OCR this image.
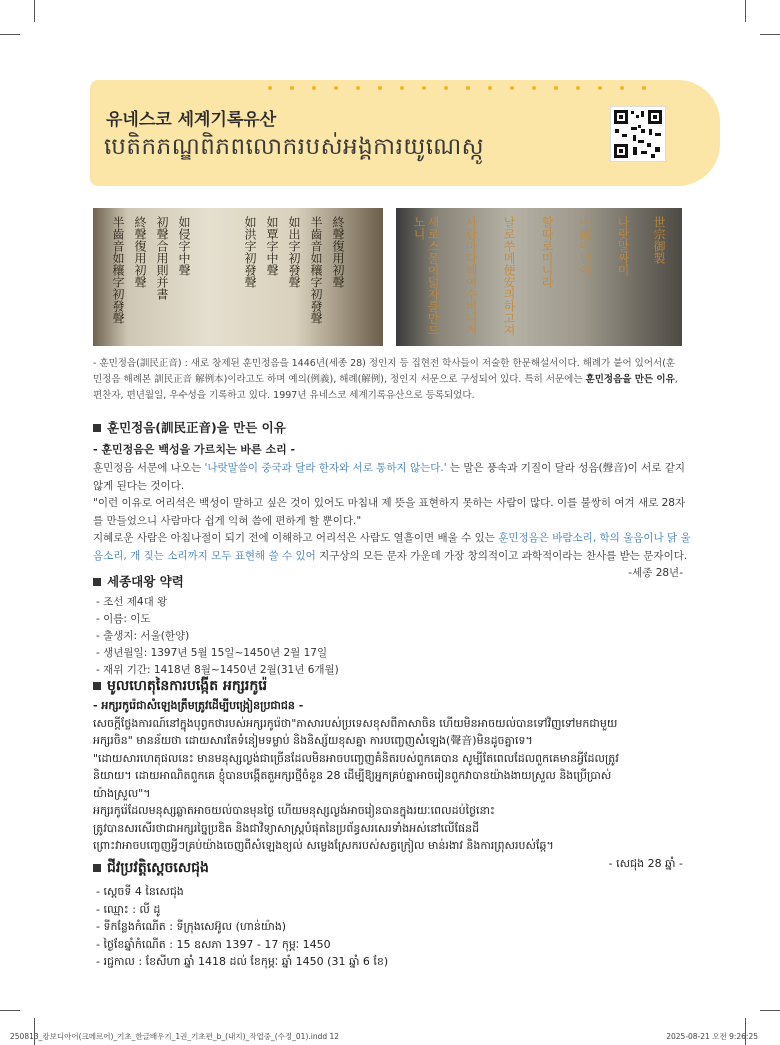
유네스코 세계기록유산
បេតិកភណ្ឌពិភពលោករបស់អង្គការយូណេស្កូ
半齒音如穰字初發聲 終聲復用初聲 初聲合用則并書 如侵字中聲	如洪字初發聲 如覃字中聲 如出字初發聲 半齒音如穰字初發聲 終聲復用初聲	새로스물여덟자를만드노니	사람마다해여수비니겨 날로쑤메便安킈하고져 할따로미니라 中國에달아 나랏말싸미 世宗御製
- 훈민정음(訓民正音) : 새로 창제된 훈민정음을 1446년(세종 28) 정인지 등 집현전 학사들이 저술한 한문해설서이다. 해례가 붙어 있어서(훈민정음 해례본 訓民正音 解例本)이라고도 하며 예의(例義), 해례(解例), 정인지 서문으로 구성되어 있다. 특히 서문에는 훈민정음을 만든 이유, 편찬자, 편년월일, 우수성을 기록하고 있다. 1997년 유네스코 세계기록유산으로 등록되었다.
훈민정음(訓民正音)을 만든 이유
- 훈민정음은 백성을 가르치는 바른 소리 -
훈민정음 서문에 나오는 '나랏말씀이 중국과 달라 한자와 서로 통하지 않는다.' 는 말은 풍속과 기질이 달라 성음(聲音)이 서로 같지 않게 된다는 것이다.
"이런 이유로 어리석은 백성이 말하고 싶은 것이 있어도 마침내 제 뜻을 표현하지 못하는 사람이 많다. 이를 불쌍히 여겨 새로 28자를 만들었으니 사람마다 쉽게 익혀 씀에 편하게 할 뿐이다."
지혜로운 사람은 아침나절이 되기 전에 이해하고 어리석은 사람도 열흘이면 배울 수 있는 훈민정음은 바람소리, 학의 울음이나 닭 울음소리, 개 짖는 소리까지 모두 표현해 쓸 수 있어 지구상의 모든 문자 가운데 가장 창의적이고 과학적이라는 찬사를 받는 문자이다.
-세종 28년-
세종대왕 약력
- 조선 제4대 왕
- 이름: 이도
- 출생지: 서울(한양)
- 생년월일: 1397년 5월 15일~1450년 2월 17일
- 재위 기간: 1418년 8월~1450년 2월(31년 6개월)
មូលហេតុនៃការបង្កើត អក្សរកូរ៉េ
- អក្សរកូរ៉េជាសំឡេងត្រឹមត្រូវដើម្បីបង្រៀនប្រជាជន -
សេចក្តីថ្លែងការណ៍នៅក្នុងបុព្វកថារបស់អក្សរកូរ៉េថា"ភាសារបស់ប្រទេសខុសពីភាសាចិន ហើយមិនអាចយល់បានទៅវិញទៅមកជាមួយ
អក្សរចិន" មានន័យថា ដោយសារតែទំនៀមទម្លាប់ និងនិស្ស័យខុសគ្នា ការបញ្ចេញសំឡេង(聲音)មិនដូចគ្នាទេ។
"ដោយសារហេតុផលនេះ មានមនុស្សល្ងង់ជាច្រើនដែលមិនអាចបញ្ចេញគំនិតរបស់ពួកគេបាន សូម្បីតែពេលដែលពួកគេមានអ្វីដែលត្រូវ
និយាយ។ ដោយអាណិតពួកគេ ខ្ញុំបានបង្កើតតួអក្សរថ្មីចំនួន 28 ដើម្បីឱ្យអ្នកគ្រប់គ្នាអាចរៀនពួកវាបានយ៉ាងងាយស្រួល និងប្រើប្រាស់
យ៉ាងស្រួល"។
អក្សរកូរ៉េដែលមនុស្សឆ្លាតអាចយល់បានមុនថ្ងៃ ហើយមនុស្សល្ងង់អាចរៀនបានក្នុងរយៈពេលដប់ថ្ងៃនោះ
ត្រូវបានសរសើរថាជាអក្សរច្នៃប្រឌិត និងជាវិទ្យាសាស្ត្របំផុតនៃប្រព័ន្ធសរសេរទាំងអស់នៅលើផែនដី
ព្រោះវាអាចបញ្ចេញអ្វីៗគ្រប់យ៉ាងចេញពីសំឡេងខ្យល់ សម្លេងស្រែករបស់សត្វក្រៀល មាន់រងាវ និងការព្រុសរបស់ឆ្កែ។
- សេជុង 28 ឆ្នាំ -
ជីវប្រវត្តិស្តេចសេជុង
- ស្តេចទី 4 នៃសេជុង
- ឈ្មោះ : លី ដូ
- ទីកន្លែងកំណើត : ទីក្រុងសេអ៊ូល (ហាន់យ៉ាង)
- ថ្ងៃខែឆ្នាំកំណើត : 15 ឧសភា 1397 - 17 កុម្ភៈ 1450
- រជ្ជកាល : ខែសីហា ឆ្នាំ 1418 ដល់ ខែកុម្ភៈ ឆ្នាំ 1450 (31 ឆ្នាំ 6 ខែ)
250813_캉보디아어(크메르어)_기초_한글배우기_1권_기초편_b_(내지)_작업중_(수정_01).indd 12	2025-08-21 오전 9:26:25
